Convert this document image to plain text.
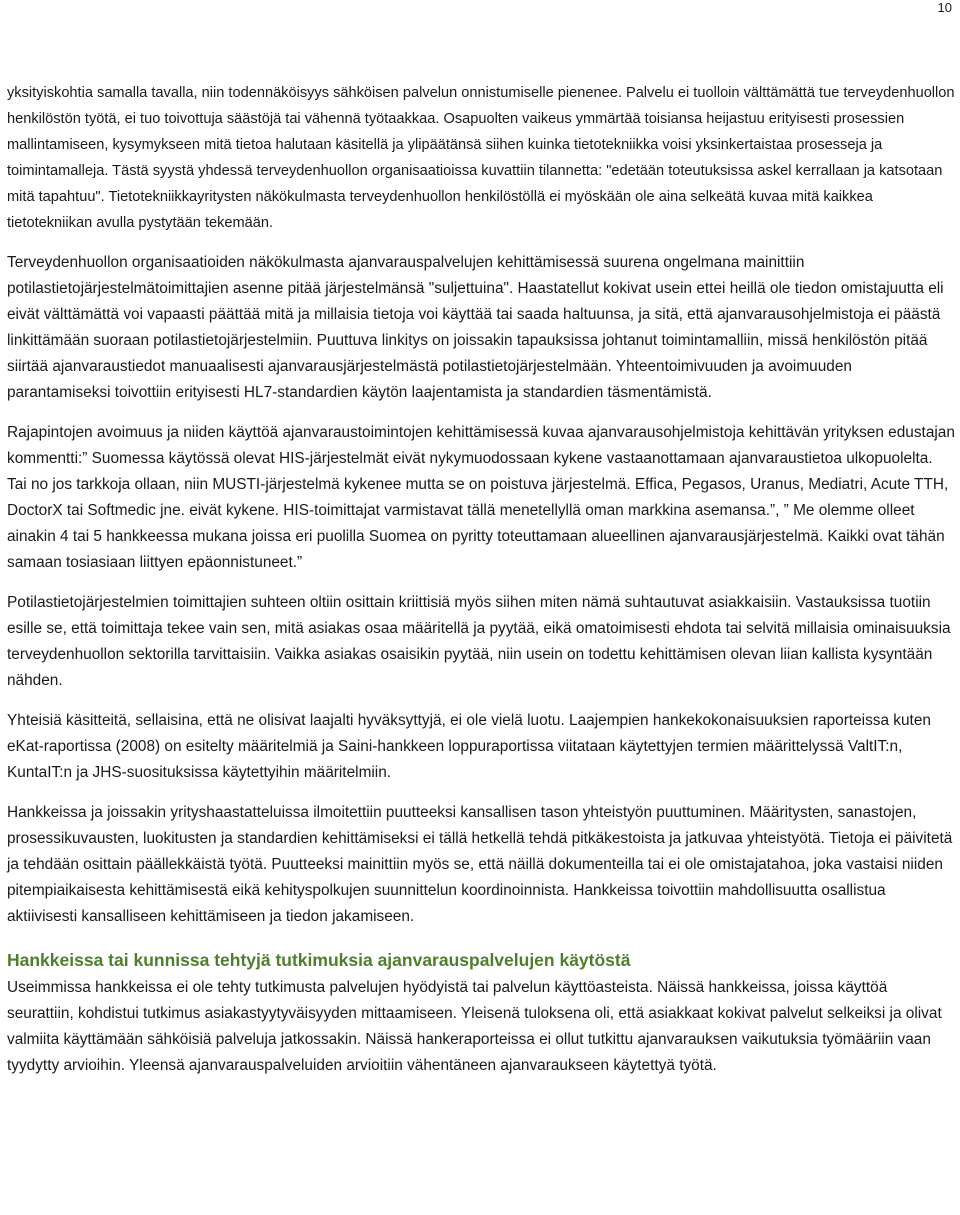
10

yksityiskohtia samalla tavalla, niin todennäköisyys sähköisen palvelun onnistumiselle pienenee. Palvelu ei tuolloin välttämättä tue terveydenhuollon henkilöstön työtä, ei tuo toivottuja säästöjä tai vähennä työtaakkaa. Osapuolten vaikeus ymmärtää toisiansa heijastuu erityisesti prosessien mallintamiseen, kysymykseen mitä tietoa halutaan käsitellä ja ylipäätänsä siihen kuinka tietotekniikka voisi yksinkertaistaa prosesseja ja toimintamalleja. Tästä syystä yhdessä terveydenhuollon organisaatioissa kuvattiin tilannetta: "edetään toteutuksissa askel kerrallaan ja katsotaan mitä tapahtuu". Tietotekniikkayritysten näkökulmasta terveydenhuollon henkilöstöllä ei myöskään ole aina selkeätä kuvaa mitä kaikkea tietotekniikan avulla pystytään tekemään.

Terveydenhuollon organisaatioiden näkökulmasta ajanvarauspalvelujen kehittämisessä suurena ongelmana mainittiin potilastietojärjestelmätoimittajien asenne pitää järjestelmänsä "suljettuina". Haastatellut kokivat usein ettei heillä ole tiedon omistajuutta eli eivät välttämättä voi vapaasti päättää mitä ja millaisia tietoja voi käyttää tai saada haltuunsa, ja sitä, että ajanvarausohjelmistoja ei päästä linkittämään suoraan potilastietojärjestelmiin. Puuttuva linkitys on joissakin tapauksissa johtanut toimintamalliin, missä henkilöstön pitää siirtää ajanvaraustiedot manuaalisesti ajanvarausjärjestelmästä potilastietojärjestelmään. Yhteentoimivuuden ja avoimuuden parantamiseksi toivottiin erityisesti HL7-standardien käytön laajentamista ja standardien täsmentämistä.

Rajapintojen avoimuus ja niiden käyttöä ajanvaraustoimintojen kehittämisessä kuvaa ajanvarausohjelmistoja kehittävän yrityksen edustajan kommentti:” Suomessa käytössä olevat HIS-järjestelmät eivät nykymuodossaan kykene vastaanottamaan ajanvaraustietoa ulkopuolelta. Tai no jos tarkkoja ollaan, niin MUSTI-järjestelmä kykenee mutta se on poistuva järjestelmä. Effica, Pegasos, Uranus, Mediatri, Acute TTH, DoctorX tai Softmedic jne. eivät kykene. HIS-toimittajat varmistavat tällä menetellyllä oman markkina asemansa.”, ” Me olemme olleet ainakin 4 tai 5 hankkeessa mukana joissa eri puolilla Suomea on pyritty toteuttamaan alueellinen ajanvarausjärjestelmä. Kaikki ovat tähän samaan tosiasiaan liittyen epäonnistuneet.”

Potilastietojärjestelmien toimittajien suhteen oltiin osittain kriittisiä myös siihen miten nämä suhtautuvat asiakkaisiin. Vastauksissa tuotiin esille se, että toimittaja tekee vain sen, mitä asiakas osaa määritellä ja pyytää, eikä omatoimisesti ehdota tai selvitä millaisia ominaisuuksia terveydenhuollon sektorilla tarvittaisiin. Vaikka asiakas osaisikin pyytää, niin usein on todettu kehittämisen olevan liian kallista kysyntään nähden.

Yhteisiä käsitteitä, sellaisina, että ne olisivat laajalti hyväksyttyjä, ei ole vielä luotu. Laajempien hankekokonaisuuksien raporteissa kuten eKat-raportissa (2008) on esitelty määritelmiä ja Saini-hankkeen loppuraportissa viitataan käytettyjen termien määrittelyssä ValtIT:n, KuntaIT:n ja JHS-suosituksissa käytettyihin määritelmiin.

Hankkeissa ja joissakin yrityshaastatteluissa ilmoitettiin puutteeksi kansallisen tason yhteistyön puuttuminen. Määritysten, sanastojen, prosessikuvausten, luokitusten ja standardien kehittämiseksi ei tällä hetkellä tehdä pitkäkestoista ja jatkuvaa yhteistyötä. Tietoja ei päivitetä ja tehdään osittain päällekkäistä työtä. Puutteeksi mainittiin myös se, että näillä dokumenteilla tai ei ole omistajatahoa, joka vastaisi niiden pitempiaikaisesta kehittämisestä eikä kehityspolkujen suunnittelun koordinoinnista. Hankkeissa toivottiin mahdollisuutta osallistua aktiivisesti kansalliseen kehittämiseen ja tiedon jakamiseen.

Hankkeissa tai kunnissa tehtyjä tutkimuksia ajanvarauspalvelujen käytöstä

Useimmissa hankkeissa ei ole tehty tutkimusta palvelujen hyödyistä tai palvelun käyttöasteista. Näissä hankkeissa, joissa käyttöä seurattiin, kohdistui tutkimus asiakastyytyväisyyden mittaamiseen. Yleisenä tuloksena oli, että asiakkaat kokivat palvelut selkeiksi ja olivat valmiita käyttämään sähköisiä palveluja jatkossakin. Näissä hankeraporteissa ei ollut tutkittu ajanvarauksen vaikutuksia työmääriin vaan tyydytty arvioihin. Yleensä ajanvarauspalveluiden arvioitiin vähentäneen ajanvaraukseen käytettyä työtä.
